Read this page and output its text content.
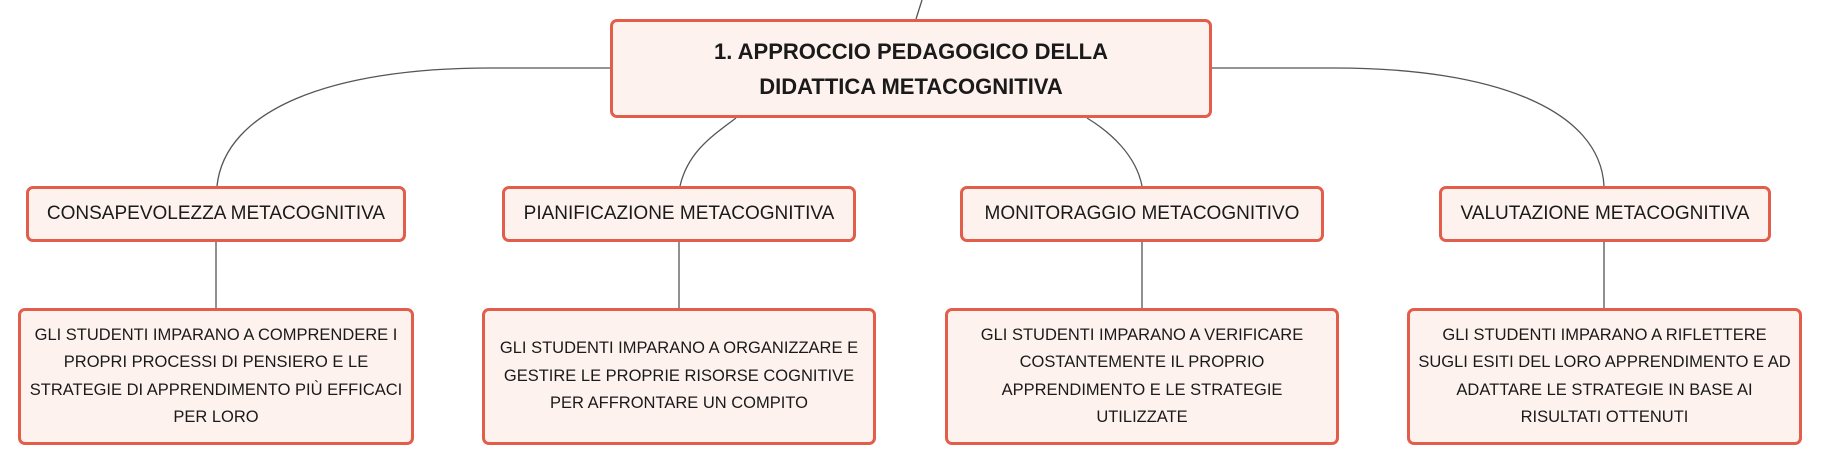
1. APPROCCIO PEDAGOGICO DELLA DIDATTICA METACOGNITIVA
CONSAPEVOLEZZA METACOGNITIVA	PIANIFICAZIONE METACOGNITIVA	MONITORAGGIO METACOGNITIVO	VALUTAZIONE METACOGNITIVA
GLI STUDENTI IMPARANO A COMPRENDERE I PROPRI PROCESSI DI PENSIERO E LE STRATEGIE DI APPRENDIMENTO PIÙ EFFICACI PER LORO
GLI STUDENTI IMPARANO A ORGANIZZARE E GESTIRE LE PROPRIE RISORSE COGNITIVE PER AFFRONTARE UN COMPITO
GLI STUDENTI IMPARANO A VERIFICARE COSTANTEMENTE IL PROPRIO APPRENDIMENTO E LE STRATEGIE UTILIZZATE
GLI STUDENTI IMPARANO A RIFLETTERE SUGLI ESITI DEL LORO APPRENDIMENTO E AD ADATTARE LE STRATEGIE IN BASE AI RISULTATI OTTENUTI
